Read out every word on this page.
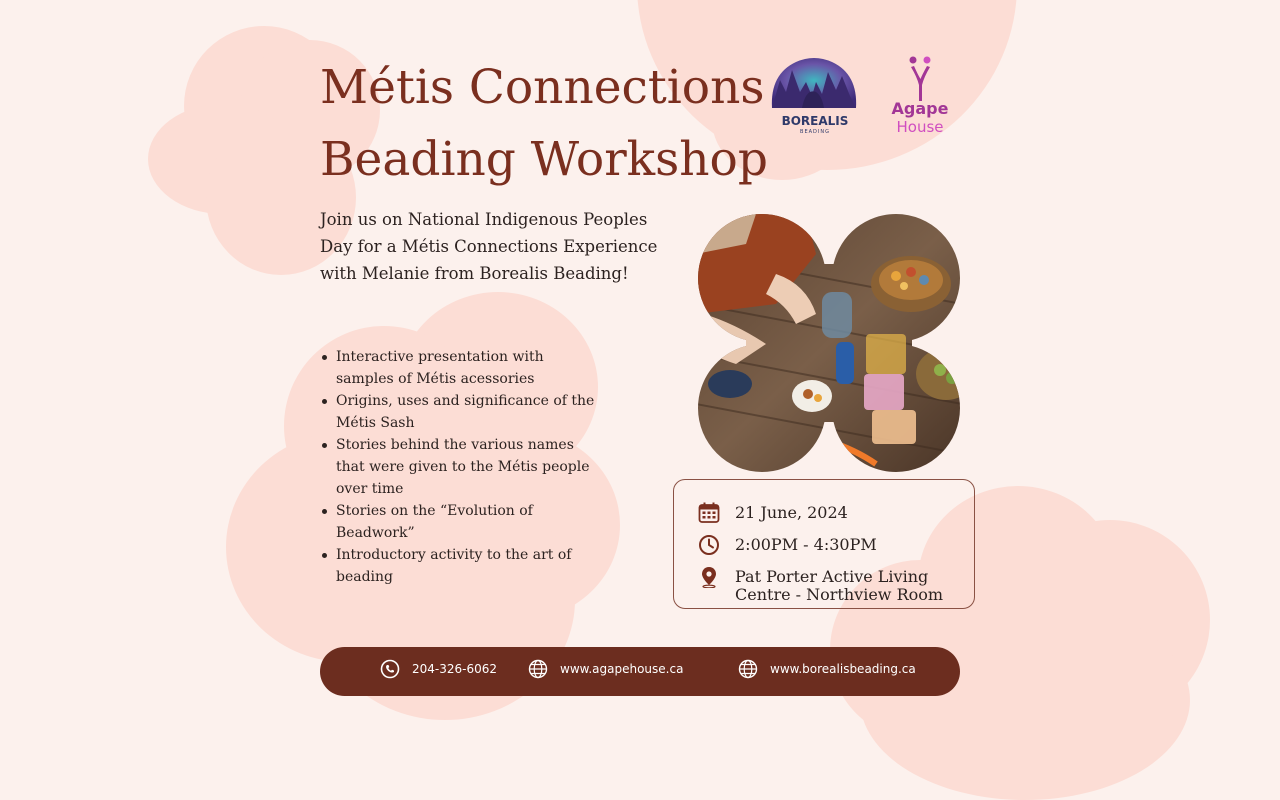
Métis Connections
Beading Workshop

Join us on National Indigenous Peoples Day for a Métis Connections Experience with Melanie from Borealis Beading!

Interactive presentation with samples of Métis acessories
Origins, uses and significance of the Métis Sash
Stories behind the various names that were given to the Métis people over time
Stories on the “Evolution of Beadwork”
Introductory activity to the art of beading
BOREALIS
BEADING
Agape
House
21 June, 2024
2:00PM - 4:30PM
Pat Porter Active Living
Centre - Northview Room
204-326-6062	www.agapehouse.ca	www.borealisbeading.ca
